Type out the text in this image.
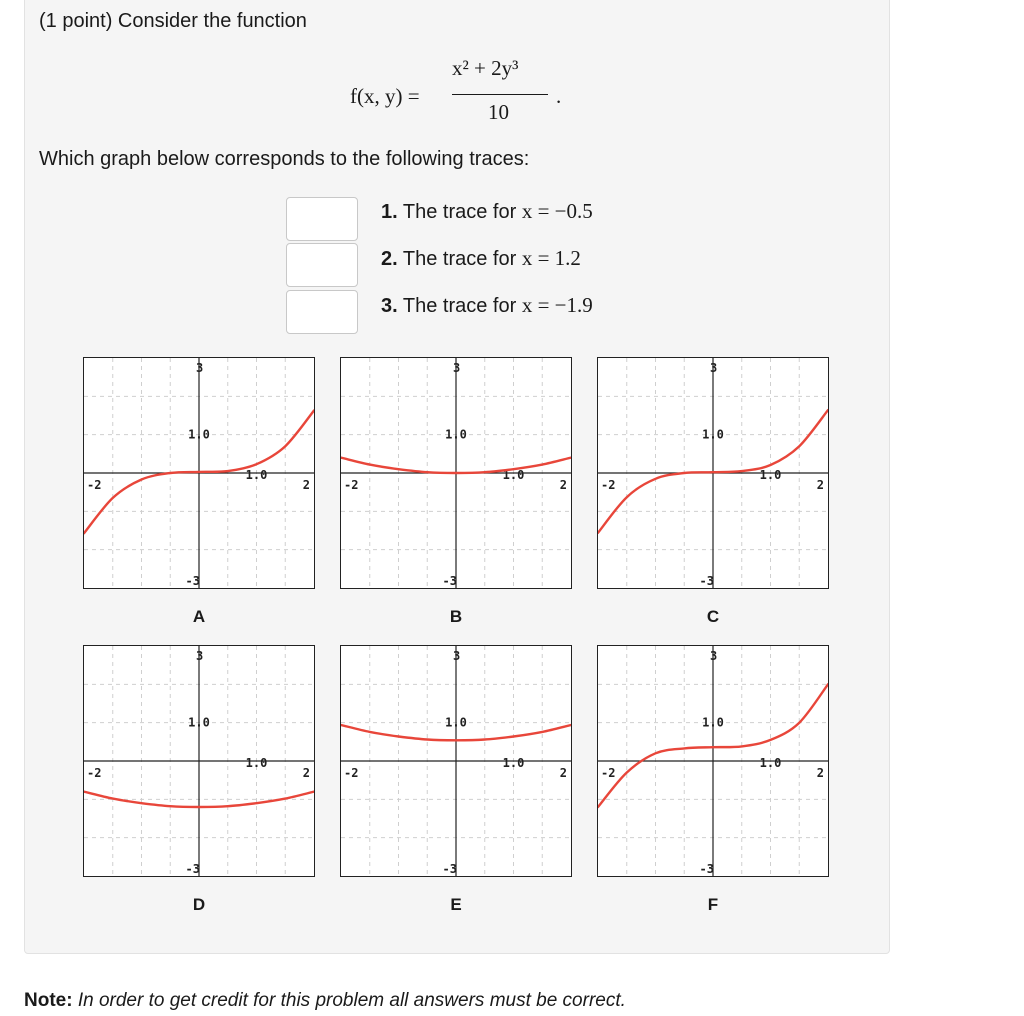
(1 point) Consider the function
f(x, y) =
x² + 2y³
10
.
Which graph below corresponds to the following traces:
1. The trace for x = −0.5
2. The trace for x = 1.2
3. The trace for x = −1.9
3
1.0
-3
-2
1.0
2
3
1.0
-3
-2
1.0
2
3
1.0
-3
-2
1.0
2
3
1.0
-3
-2
1.0
2
3
1.0
-3
-2
1.0
2
3
1.0
-3
-2
1.0
2
A	B	C
D	E	F
Note: In order to get credit for this problem all answers must be correct.
